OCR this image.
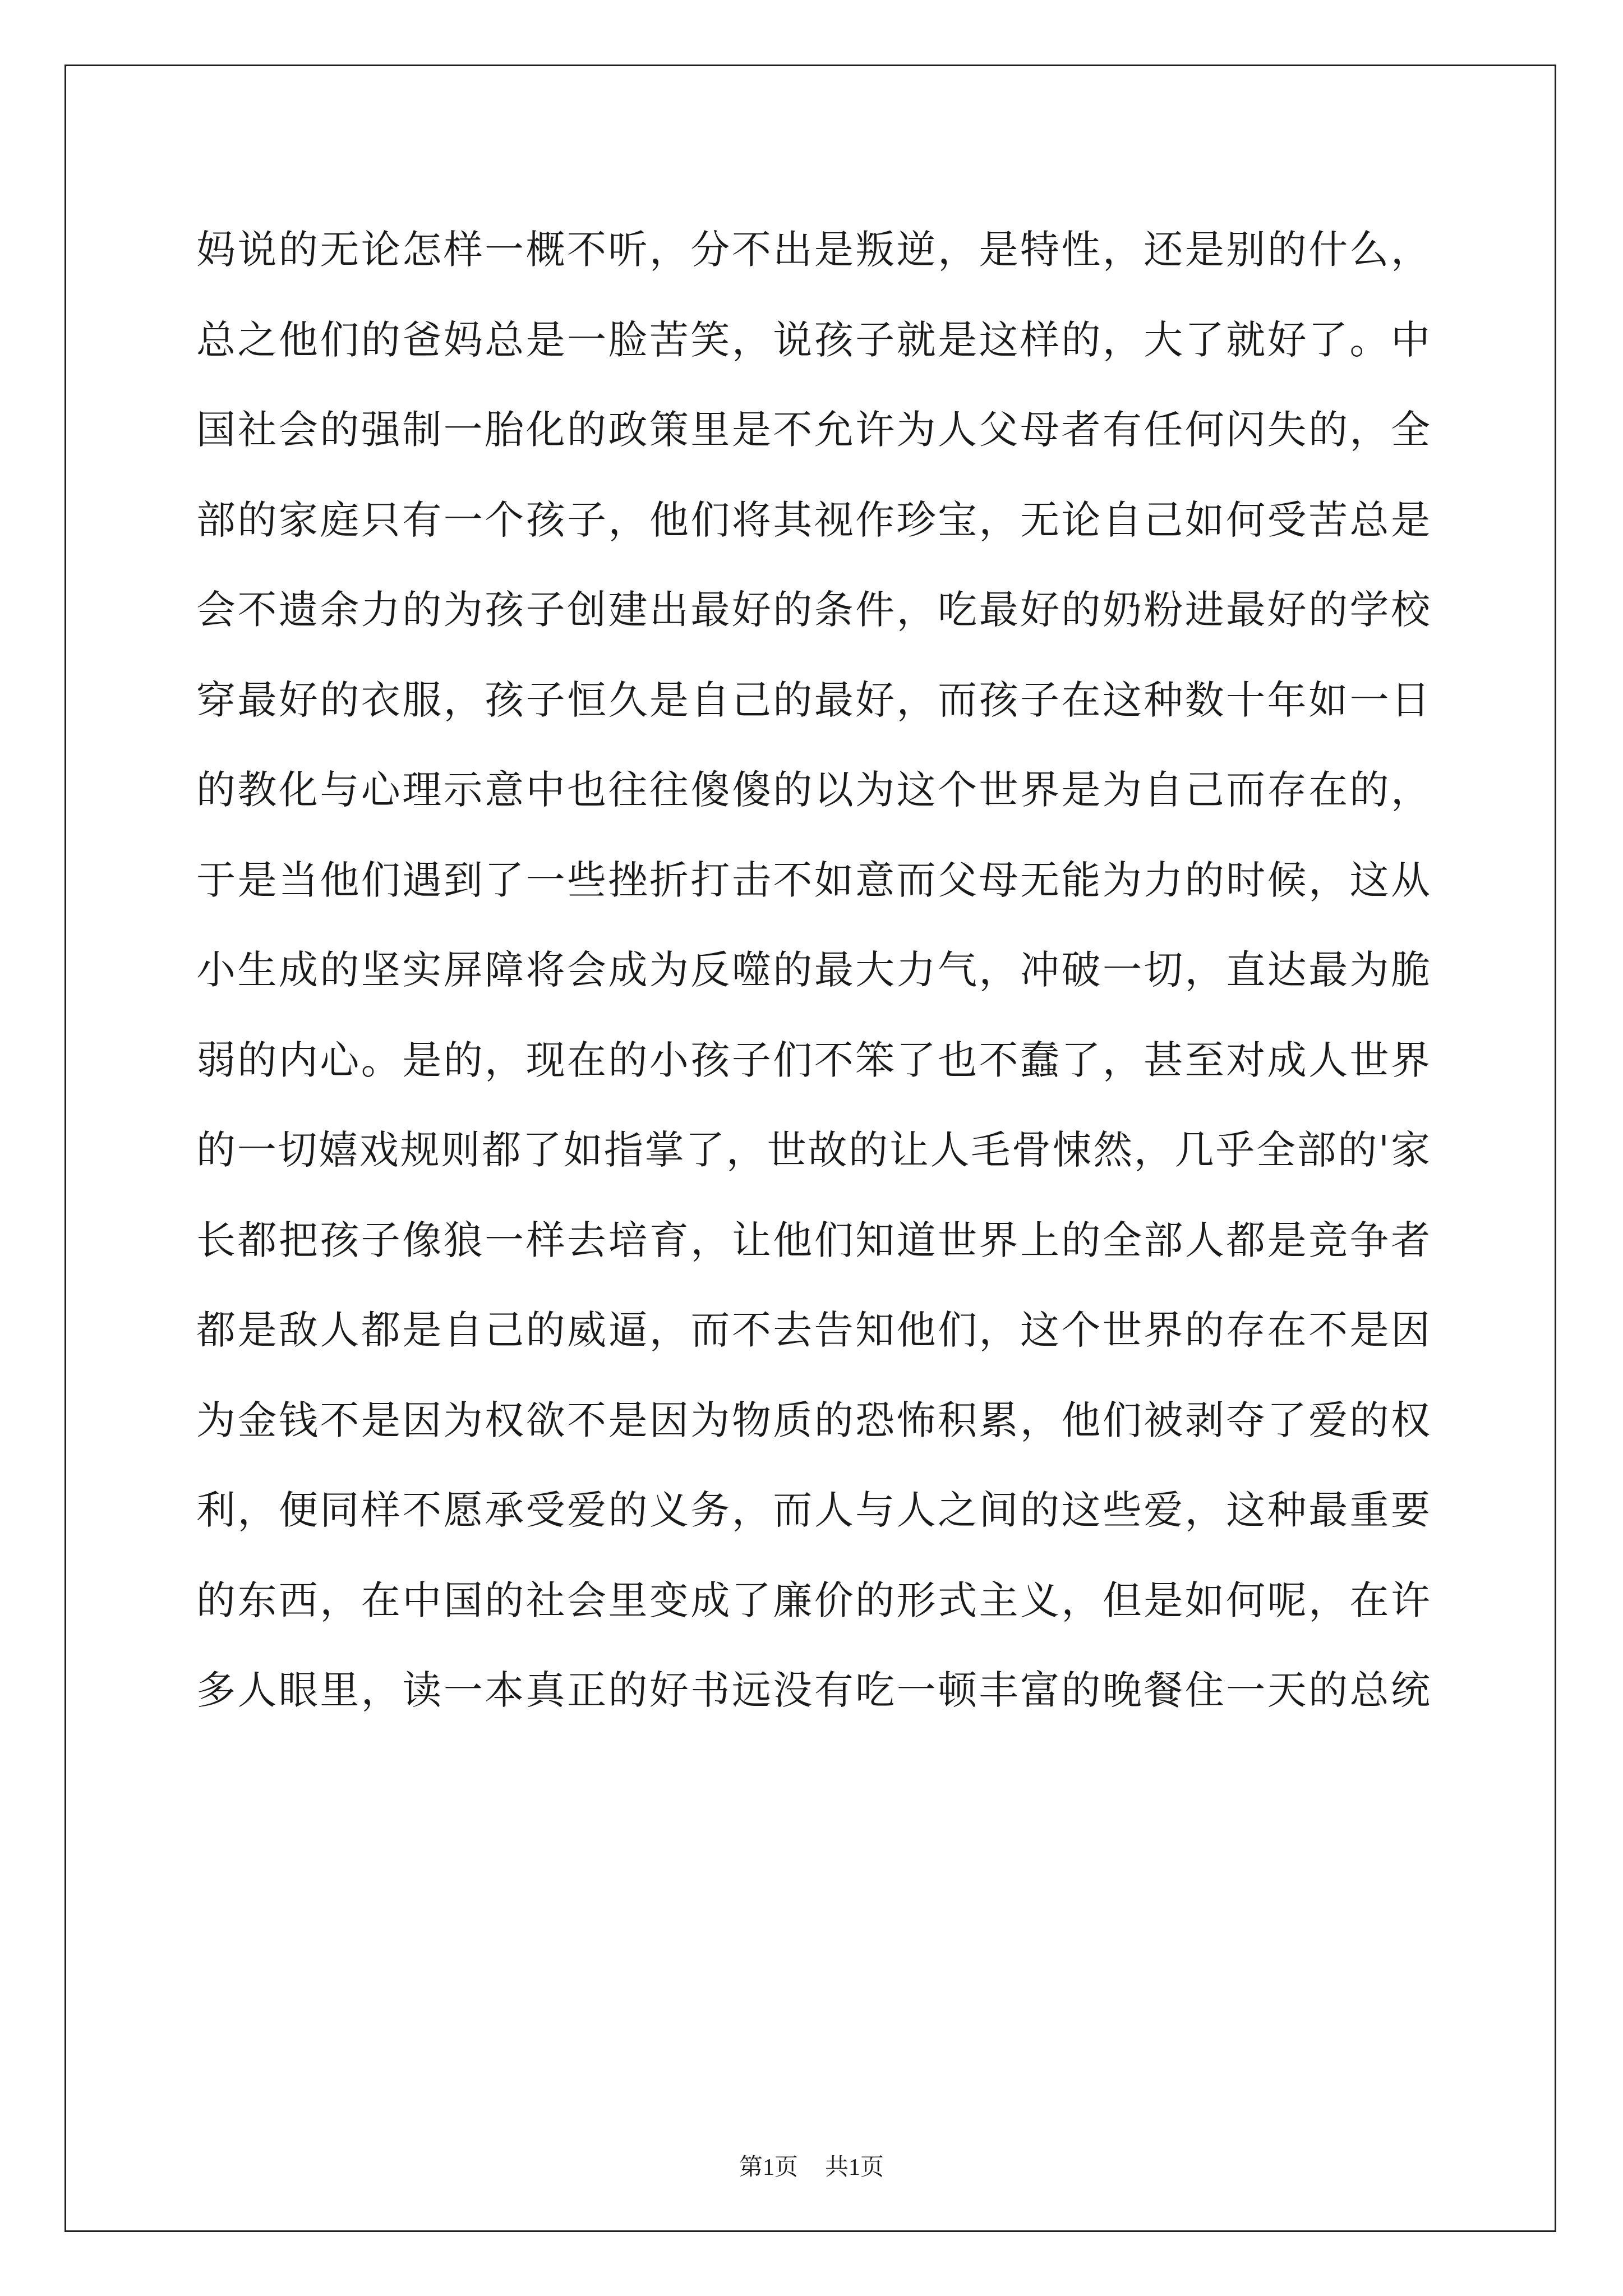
妈说的无论怎样一概不听，分不出是叛逆，是特性，还是别的什么，
总之他们的爸妈总是一脸苦笑，说孩子就是这样的，大了就好了。中
国社会的强制一胎化的政策里是不允许为人父母者有任何闪失的，全
部的家庭只有一个孩子，他们将其视作珍宝，无论自己如何受苦总是
会不遗余力的为孩子创建出最好的条件，吃最好的奶粉进最好的学校
穿最好的衣服，孩子恒久是自己的最好，而孩子在这种数十年如一日
的教化与心理示意中也往往傻傻的以为这个世界是为自己而存在的，
于是当他们遇到了一些挫折打击不如意而父母无能为力的时候，这从
小生成的坚实屏障将会成为反噬的最大力气，冲破一切，直达最为脆
弱的内心。是的，现在的小孩子们不笨了也不蠢了，甚至对成人世界
的一切嬉戏规则都了如指掌了，世故的让人毛骨悚然，几乎全部的'家
长都把孩子像狼一样去培育，让他们知道世界上的全部人都是竞争者
都是敌人都是自己的威逼，而不去告知他们，这个世界的存在不是因
为金钱不是因为权欲不是因为物质的恐怖积累，他们被剥夺了爱的权
利，便同样不愿承受爱的义务，而人与人之间的这些爱，这种最重要
的东西，在中国的社会里变成了廉价的形式主义，但是如何呢，在许
多人眼里，读一本真正的好书远没有吃一顿丰富的晚餐住一天的总统
第1页 共1页
